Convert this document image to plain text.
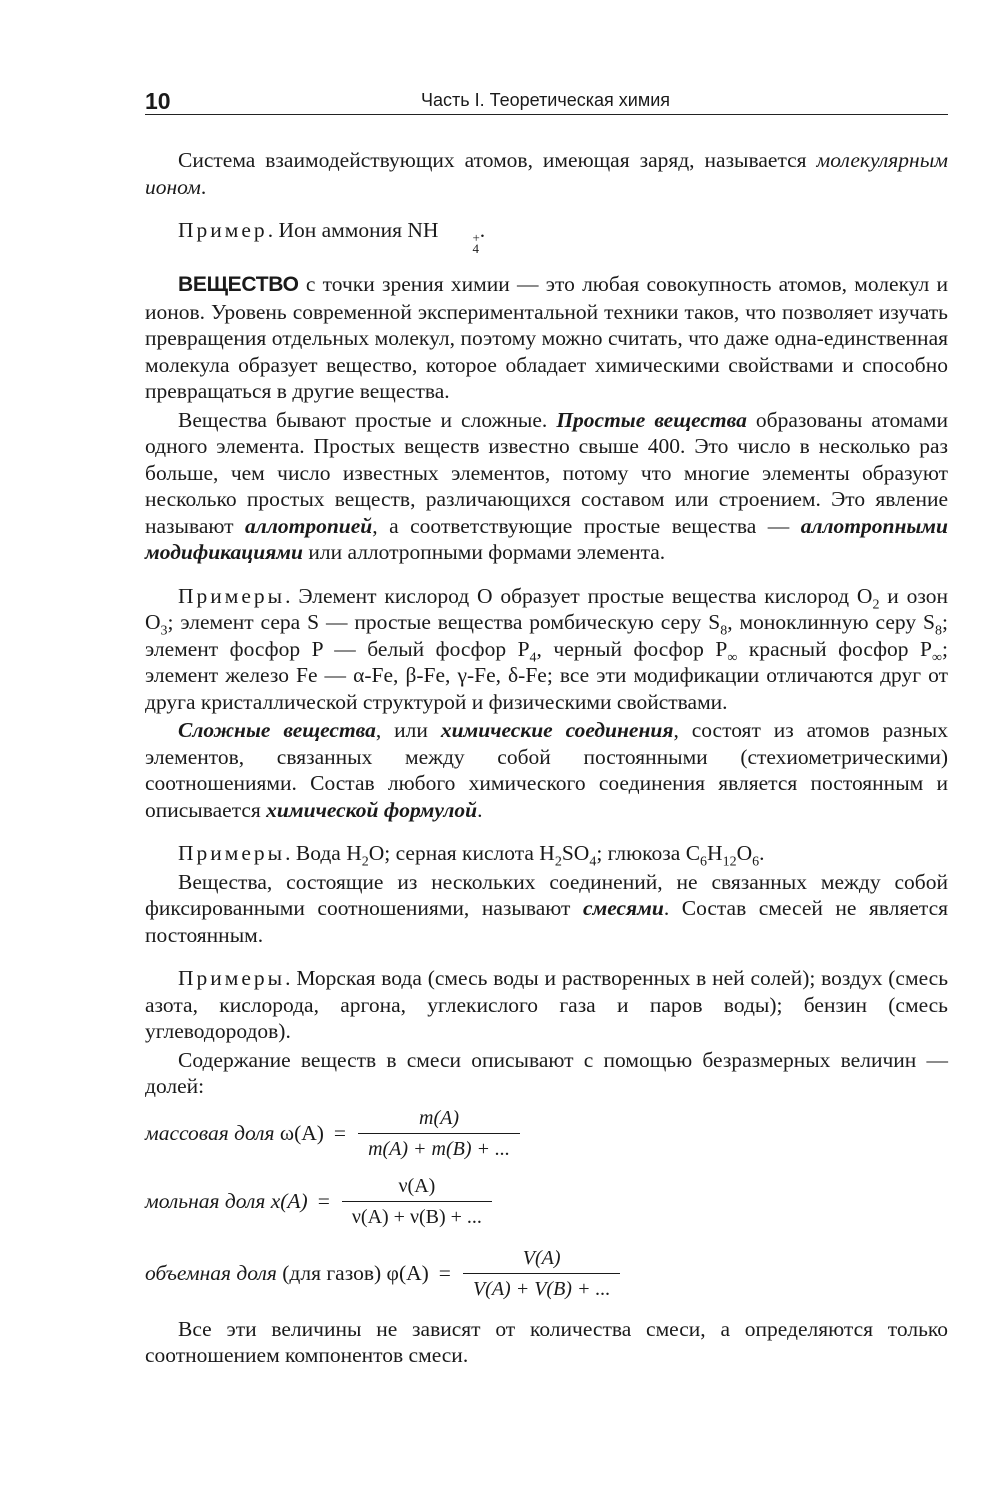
10	Часть I. Теоретическая химия

Система взаимодействующих атомов, имеющая заряд, называется молекулярным ионом.

Пример. Ион аммония NH	+
4
.

ВЕЩЕСТВО с точки зрения химии — это любая совокупность атомов, молекул и ионов. Уровень современной экспериментальной техники таков, что позволяет изучать превращения отдельных молекул, поэтому можно считать, что даже одна-единственная молекула образует вещество, которое обладает химическими свойствами и способно превращаться в другие вещества.

Вещества бывают простые и сложные. Простые вещества образованы атомами одного элемента. Простых веществ известно свыше 400. Это число в несколько раз больше, чем число известных элементов, потому что многие элементы образуют несколько простых веществ, различающихся составом или строением. Это явление называют аллотропией, а соответствующие простые вещества — аллотропными модификациями или аллотропными формами элемента.

Примеры. Элемент кислород O образует простые вещества кислород $O_2$ и озон $O_3$; элемент сера S — простые вещества ромбическую серу $S_8$, моноклинную серу $S_8$; элемент фосфор P — белый фосфор $P_4$, черный фосфор $P_\infty$ красный фосфор $P_\infty$; элемент железо Fe — α-Fe, β-Fe, γ-Fe, δ-Fe; все эти модификации отличаются друг от друга кристаллической структурой и физическими свойствами.

Сложные вещества, или химические соединения, состоят из атомов разных элементов, связанных между собой постоянными (стехиометрическими) соотношениями. Состав любого химического соединения является постоянным и описывается химической формулой.

Примеры. Вода $H_2O$; серная кислота $H_2SO_4$; глюкоза $C_6H_{12}O_6$.

Вещества, состоящие из нескольких соединений, не связанных между собой фиксированными соотношениями, называют смесями. Состав смесей не является постоянным.

Примеры. Морская вода (смесь воды и растворенных в ней солей); воздух (смесь азота, кислорода, аргона, углекислого газа и паров воды); бензин (смесь углеводородов).

Содержание веществ в смеси описывают с помощью безразмерных величин — долей:

массовая доля
$\omega(A) = \frac{m(A)}{m(A) + m(B) + ...}$
мольная доля
$x(A) = \frac{\nu(A)}{\nu(A) + \nu(B) + ...}$
объемная доля
(для газов)
$\varphi(A) = \frac{V(A)}{V(A) + V(B) + ...}$

Все эти величины не зависят от количества смеси, а определяются только соотношением компонентов смеси.
